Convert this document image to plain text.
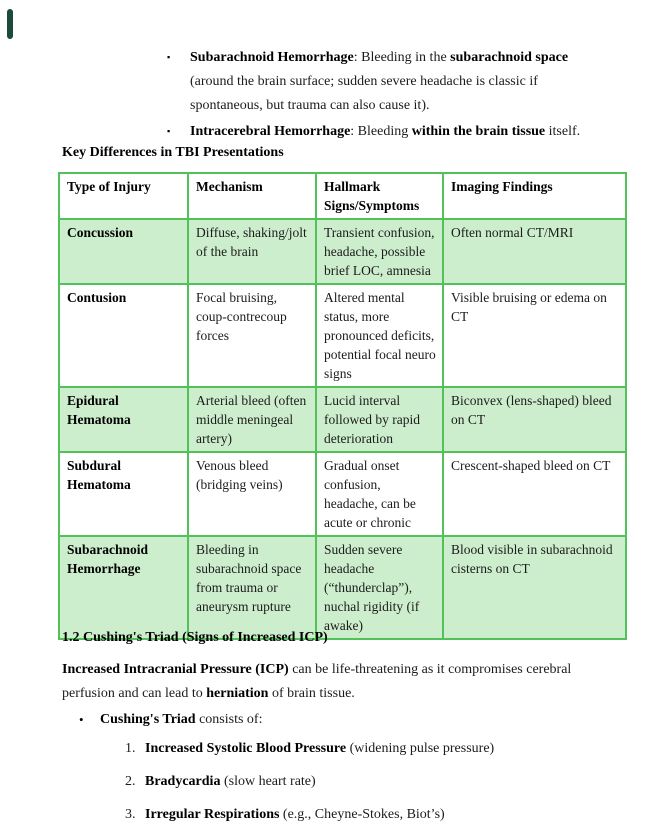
▪ Subarachnoid Hemorrhage: Bleeding in the subarachnoid space (around the brain surface; sudden severe headache is classic if spontaneous, but trauma can also cause it).
▪ Intracerebral Hemorrhage: Bleeding within the brain tissue itself.
Key Differences in TBI Presentations
Type of Injury	Mechanism	Hallmark Signs/Symptoms	Imaging Findings
Concussion	Diffuse, shaking/jolt of the brain	Transient confusion, headache, possible brief LOC, amnesia	Often normal CT/MRI
Contusion	Focal bruising, coup-contrecoup forces	Altered mental status, more pronounced deficits, potential focal neuro signs	Visible bruising or edema on CT
Epidural Hematoma	Arterial bleed (often middle meningeal artery)	Lucid interval followed by rapid deterioration	Biconvex (lens-shaped) bleed on CT
Subdural Hematoma	Venous bleed (bridging veins)	Gradual onset confusion, headache, can be acute or chronic	Crescent-shaped bleed on CT
Subarachnoid Hemorrhage	Bleeding in subarachnoid space from trauma or aneurysm rupture	Sudden severe headache (“thunderclap”), nuchal rigidity (if awake)	Blood visible in subarachnoid cisterns on CT
1.2 Cushing's Triad (Signs of Increased ICP)
Increased Intracranial Pressure (ICP) can be life-threatening as it compromises cerebral perfusion and can lead to herniation of brain tissue.
• Cushing's Triad consists of:
1. Increased Systolic Blood Pressure (widening pulse pressure)
2. Bradycardia (slow heart rate)
3. Irregular Respirations (e.g., Cheyne-Stokes, Biot’s)
